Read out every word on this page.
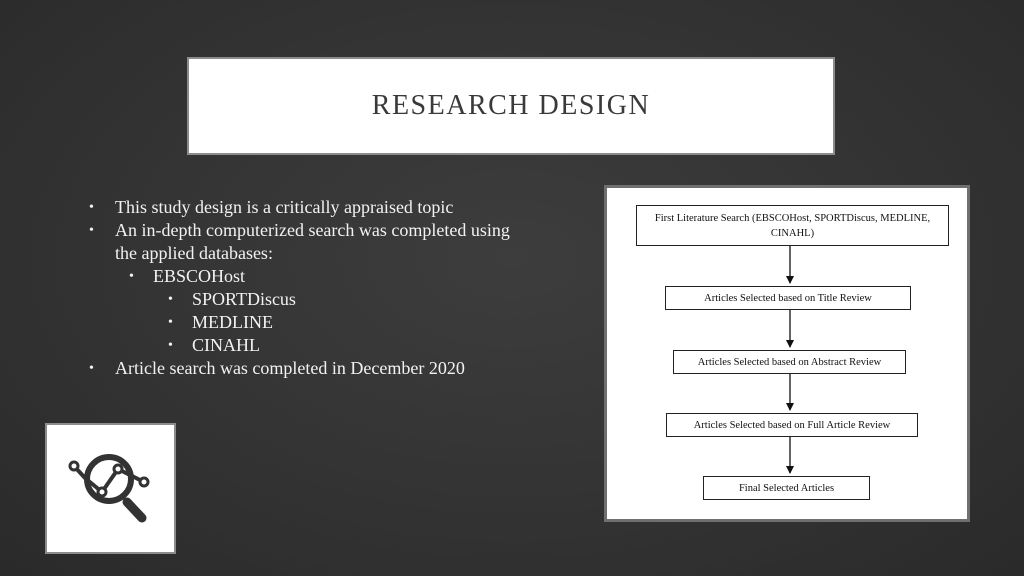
RESEARCH DESIGN
• This study design is a critically appraised topic
• An in-depth computerized search was completed using the applied databases:
• EBSCOHost
• SPORTDiscus
• MEDLINE
• CINAHL
• Article search was completed in December 2020
First Literature Search (EBSCOHost, SPORTDiscus, MEDLINE, CINAHL)
Articles Selected based on Title Review
Articles Selected based on Abstract Review
Articles Selected based on Full Article Review
Final Selected Articles
